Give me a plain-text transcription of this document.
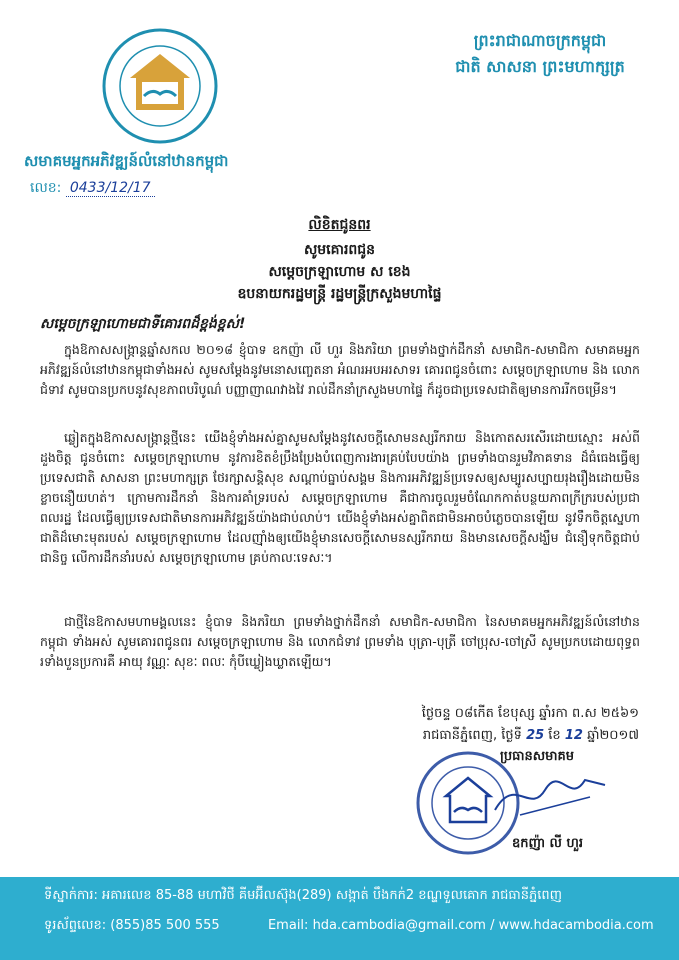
សមាគមអ្នកអភិវឌ្ឍន៍លំនៅឋានកម្ពុជា
លេខ: 0433/12/17
ព្រះរាជាណាចក្រកម្ពុជា
ជាតិ សាសនា ព្រះមហាក្សត្រ
លិខិតជូនពរ
សូមគោរពជូន
សម្តេចក្រឡាហោម ស ខេង
ឧបនាយករដ្ឋមន្ត្រី រដ្ឋមន្ត្រីក្រសួងមហាផ្ទៃ
សម្តេចក្រឡាហោមជាទីគោរពដ៏ខ្ពង់ខ្ពស់!
ក្នុងឱកាសសង្ក្រាន្តឆ្នាំសកល ២០១៨ ខ្ញុំបាទ ឧកញ៉ា លី ហួរ និងភរិយា ព្រមទាំងថ្នាក់ដឹកនាំ សមាជិក-សមាជិកា សមាគមអ្នកអភិវឌ្ឍន៍លំនៅឋានកម្ពុជាទាំងអស់ សូមសម្តែងនូវមនោសញ្ចេតនា អំណរអបអរសាទរ គោរពជូនចំពោះ សម្តេចក្រឡាហោម និង លោកជំទាវ សូមបានប្រកបនូវសុខភាពបរិបូណ៌ បញ្ញាញាណវាងវៃ រាល់ដឹកនាំក្រសួងមហាផ្ទៃ ក៏ដូចជាប្រទេសជាតិឲ្យមានការរីកចម្រើន។
ឆ្លៀតក្នុងឱកាសសង្ក្រាន្តថ្មីនេះ យើងខ្ញុំទាំងអស់គ្នាសូមសម្តែងនូវសេចក្តីសោមនស្សរីករាយ និងកោតសរសើរដោយស្មោះ អស់ពីដួងចិត្ត ជូនចំពោះ សម្តេចក្រឡាហោម នូវការខិតខំប្រឹងប្រែងបំពេញការងារគ្រប់បែបយ៉ាង ព្រមទាំងបានរួមវិភាគទាន ដ៏ធំធេងធ្វើឲ្យប្រទេសជាតិ សាសនា ព្រះមហាក្សត្រ ថែរក្សាសន្តិសុខ សណ្តាប់ធ្នាប់សង្គម និងការអភិវឌ្ឍន៍ប្រទេសឲ្យសម្បូរសប្បាយរុងរឿងដោយមិនខ្លាចនឿយហត់។ ក្រោមការដឹកនាំ និងការគាំទ្ររបស់ សម្តេចក្រឡាហោម គឺជាការចូលរួមចំណែកកាត់បន្ថយភាពក្រីក្ររបស់ប្រជាពលរដ្ឋ ដែលធ្វើឲ្យប្រទេសជាតិមានការអភិវឌ្ឍន៍យ៉ាងជាប់លាប់។ យើងខ្ញុំទាំងអស់គ្នាពិតជាមិនអាចបំភ្លេចបានឡើយ នូវទឹកចិត្តស្នេហាជាតិដ៏មោះមុតរបស់ សម្តេចក្រឡាហោម ដែលញ៉ាំងឲ្យយើងខ្ញុំមានសេចក្តីសោមនស្សរីករាយ និងមានសេចក្តីសង្ឃឹម ជំនឿទុកចិត្តជាប់ជានិច្ច លើការដឹកនាំរបស់ សម្តេចក្រឡាហោម គ្រប់កាលៈទេសៈ។
ជាថ្មីនៃឱកាសមហាមង្គលនេះ ខ្ញុំបាទ និងភរិយា ព្រមទាំងថ្នាក់ដឹកនាំ សមាជិក-សមាជិកា នៃសមាគមអ្នកអភិវឌ្ឍន៍លំនៅឋានកម្ពុជា ទាំងអស់ សូមគោរពជូនពរ សម្តេចក្រឡាហោម និង លោកជំទាវ ព្រមទាំង បុត្រា-បុត្រី ចៅប្រុស-ចៅស្រី សូមប្រកបដោយពុទ្ធពរទាំងបួនប្រការគឺ អាយុ វណ្ណៈ សុខៈ ពលៈ កុំបីឃ្លៀងឃ្លាតឡើយ។
ថ្ងៃចន្ទ ០៨កើត ខែបុស្ស ឆ្នាំរកា ព.ស ២៥៦១
រាជធានីភ្នំពេញ, ថ្ងៃទី 25 ខែ 12 ឆ្នាំ២០១៧
ប្រធានសមាគម
ឧកញ៉ា លី ហួរ
ទីស្នាក់ការ: អគារលេខ 85-88 មហាវិថី គីមអ៊ីលស៊ុង(289) សង្កាត់ បឹងកក់2 ខណ្ឌទួលគោក រាជធានីភ្នំពេញ
ទូរស័ព្ទលេខ: (855)85 500 555	Email: hda.cambodia@gmail.com / www.hdacambodia.com
